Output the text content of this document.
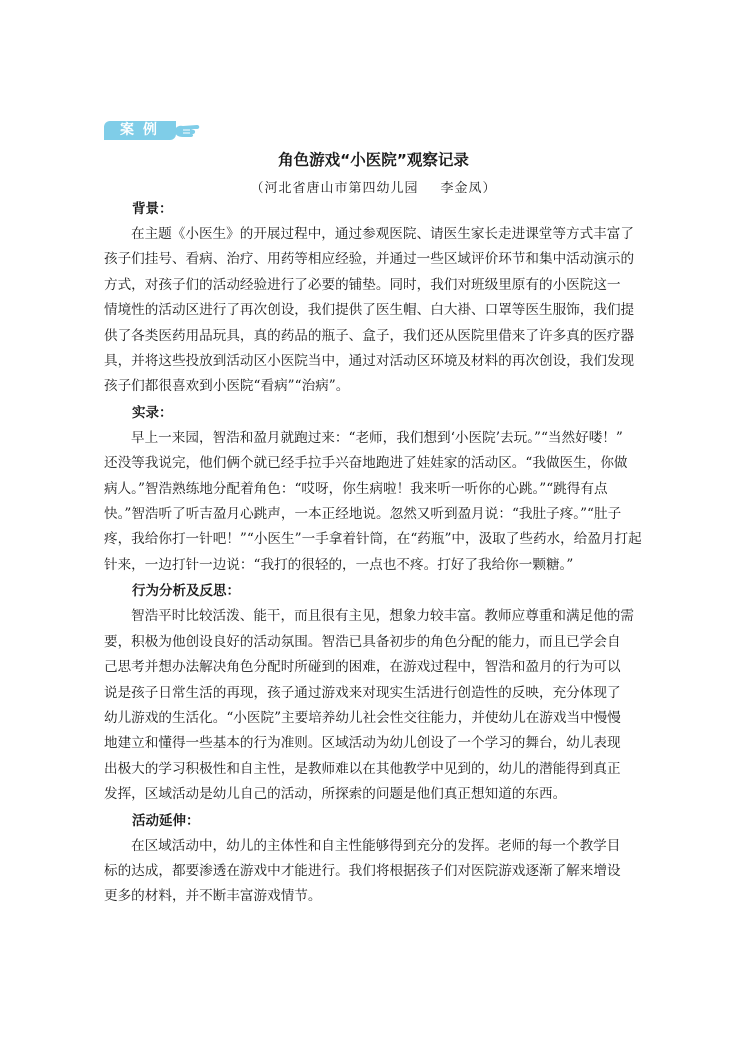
案例
角色游戏“小医院”观察记录
（河北省唐山市第四幼儿园 李金凤）
背景：
在主题《小医生》的开展过程中，通过参观医院、请医生家长走进课堂等方式丰富了
孩子们挂号、看病、治疗、用药等相应经验，并通过一些区域评价环节和集中活动演示的
方式，对孩子们的活动经验进行了必要的铺垫。同时，我们对班级里原有的小医院这一
情境性的活动区进行了再次创设，我们提供了医生帽、白大褂、口罩等医生服饰，我们提
供了各类医药用品玩具，真的药品的瓶子、盒子，我们还从医院里借来了许多真的医疗器
具，并将这些投放到活动区小医院当中，通过对活动区环境及材料的再次创设，我们发现
孩子们都很喜欢到小医院“看病”“治病”。
实录：
早上一来园，智浩和盈月就跑过来：“老师，我们想到‘小医院’去玩。”“当然好喽！”
还没等我说完，他们俩个就已经手拉手兴奋地跑进了娃娃家的活动区。“我做医生，你做
病人。”智浩熟练地分配着角色：“哎呀，你生病啦！我来听一听你的心跳。”“跳得有点
快。”智浩听了听吉盈月心跳声，一本正经地说。忽然又听到盈月说：“我肚子疼。”“肚子
疼，我给你打一针吧！”“小医生”一手拿着针筒，在“药瓶”中，汲取了些药水，给盈月打起
针来，一边打针一边说：“我打的很轻的，一点也不疼。打好了我给你一颗糖。”
行为分析及反思：
智浩平时比较活泼、能干，而且很有主见，想象力较丰富。教师应尊重和满足他的需
要，积极为他创设良好的活动氛围。智浩已具备初步的角色分配的能力，而且已学会自
己思考并想办法解决角色分配时所碰到的困难，在游戏过程中，智浩和盈月的行为可以
说是孩子日常生活的再现，孩子通过游戏来对现实生活进行创造性的反映，充分体现了
幼儿游戏的生活化。“小医院”主要培养幼儿社会性交往能力，并使幼儿在游戏当中慢慢
地建立和懂得一些基本的行为准则。区域活动为幼儿创设了一个学习的舞台，幼儿表现
出极大的学习积极性和自主性，是教师难以在其他教学中见到的，幼儿的潜能得到真正
发挥，区域活动是幼儿自己的活动，所探索的问题是他们真正想知道的东西。
活动延伸：
在区域活动中，幼儿的主体性和自主性能够得到充分的发挥。老师的每一个教学目
标的达成，都要渗透在游戏中才能进行。我们将根据孩子们对医院游戏逐渐了解来增设
更多的材料，并不断丰富游戏情节。
